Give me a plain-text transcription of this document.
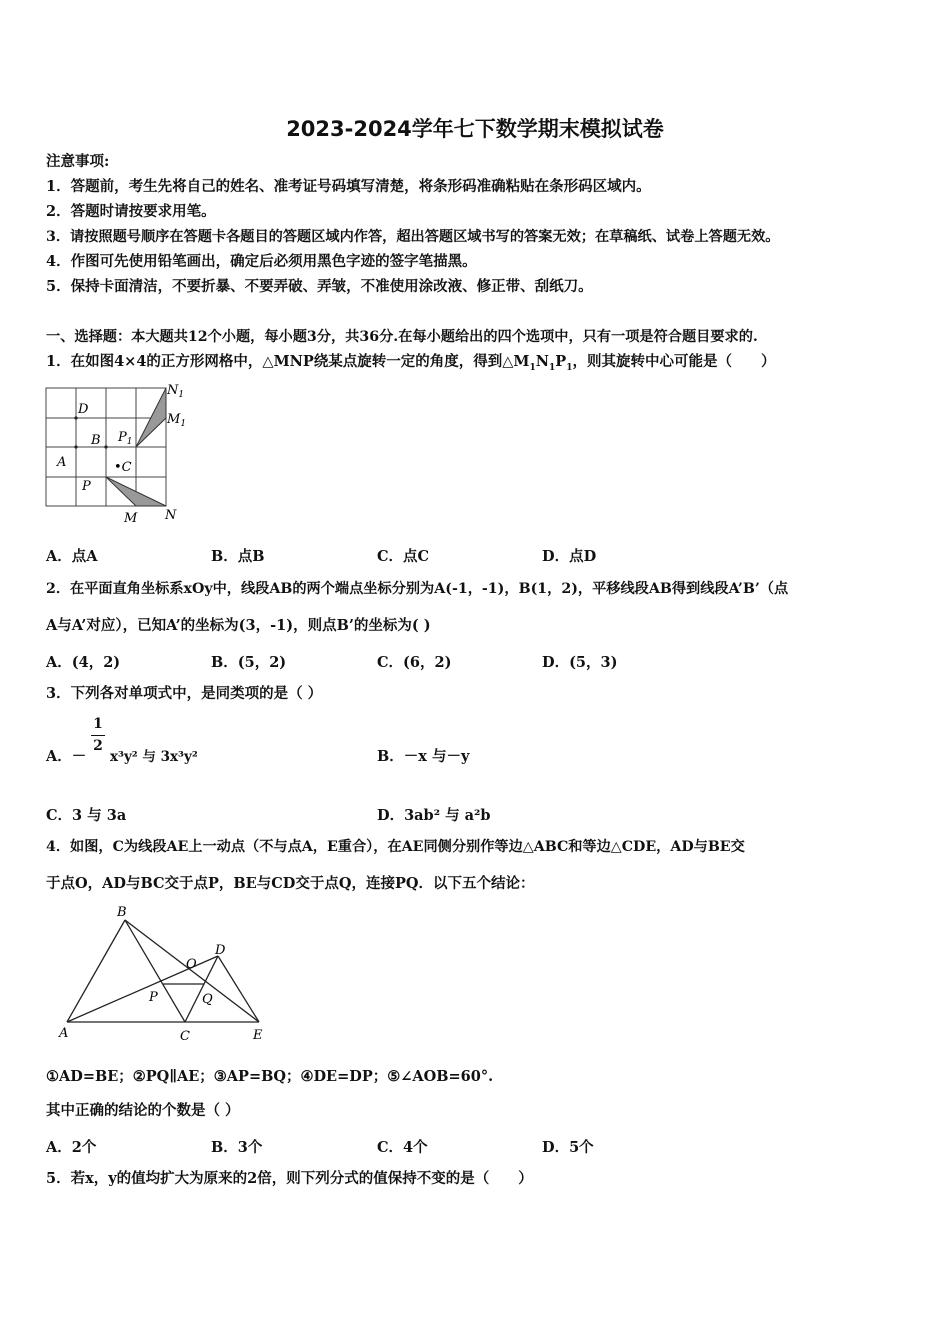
2023-2024学年七下数学期末模拟试卷
注意事项:
1．答题前，考生先将自己的姓名、准考证号码填写清楚，将条形码准确粘贴在条形码区域内。
2．答题时请按要求用笔。
3．请按照题号顺序在答题卡各题目的答题区域内作答，超出答题区域书写的答案无效；在草稿纸、试卷上答题无效。
4．作图可先使用铅笔画出，确定后必须用黑色字迹的签字笔描黑。
5．保持卡面清洁，不要折暴、不要弄破、弄皱，不准使用涂改液、修正带、刮纸刀。
一、选择题：本大题共12个小题，每小题3分，共36分.在每小题给出的四个选项中，只有一项是符合题目要求的.
1．在如图4×4的正方形网格中，△MNP绕某点旋转一定的角度，得到$\triangle M_1N_1P_1$，则其旋转中心可能是（　　）
D
B $P_1$
A	•C
P
M N
$N_1$
$M_1$
A．点A	B．点B	C．点C	D．点D
2．在平面直角坐标系xOy中，线段AB的两个端点坐标分别为A(-1，-1)，B(1，2)，平移线段AB得到线段A’B’（点
A与A’对应），已知A’的坐标为(3，-1)，则点B’的坐标为( )
A．(4，2)	B．(5，2)	C．(6，2)	D．(5，3)
3．下列各对单项式中，是同类项的是（ ）
A．－
1
2
x³y² 与 3x³y²	B．－x 与－y
C．3 与 3a	D．3ab² 与 a²b
4．如图，C为线段AE上一动点（不与点A，E重合），在AE同侧分别作等边△ABC和等边△CDE，AD与BE交
于点O，AD与BC交于点P，BE与CD交于点Q，连接PQ．以下五个结论：
B
D
O
P	Q
A	C	E
①AD=BE；②PQ∥AE；③AP=BQ；④DE=DP；⑤∠AOB=60°.
其中正确的结论的个数是（ ）
A．2个	B．3个	C．4个	D．5个
5．若x，y的值均扩大为原来的2倍，则下列分式的值保持不变的是（　　）
